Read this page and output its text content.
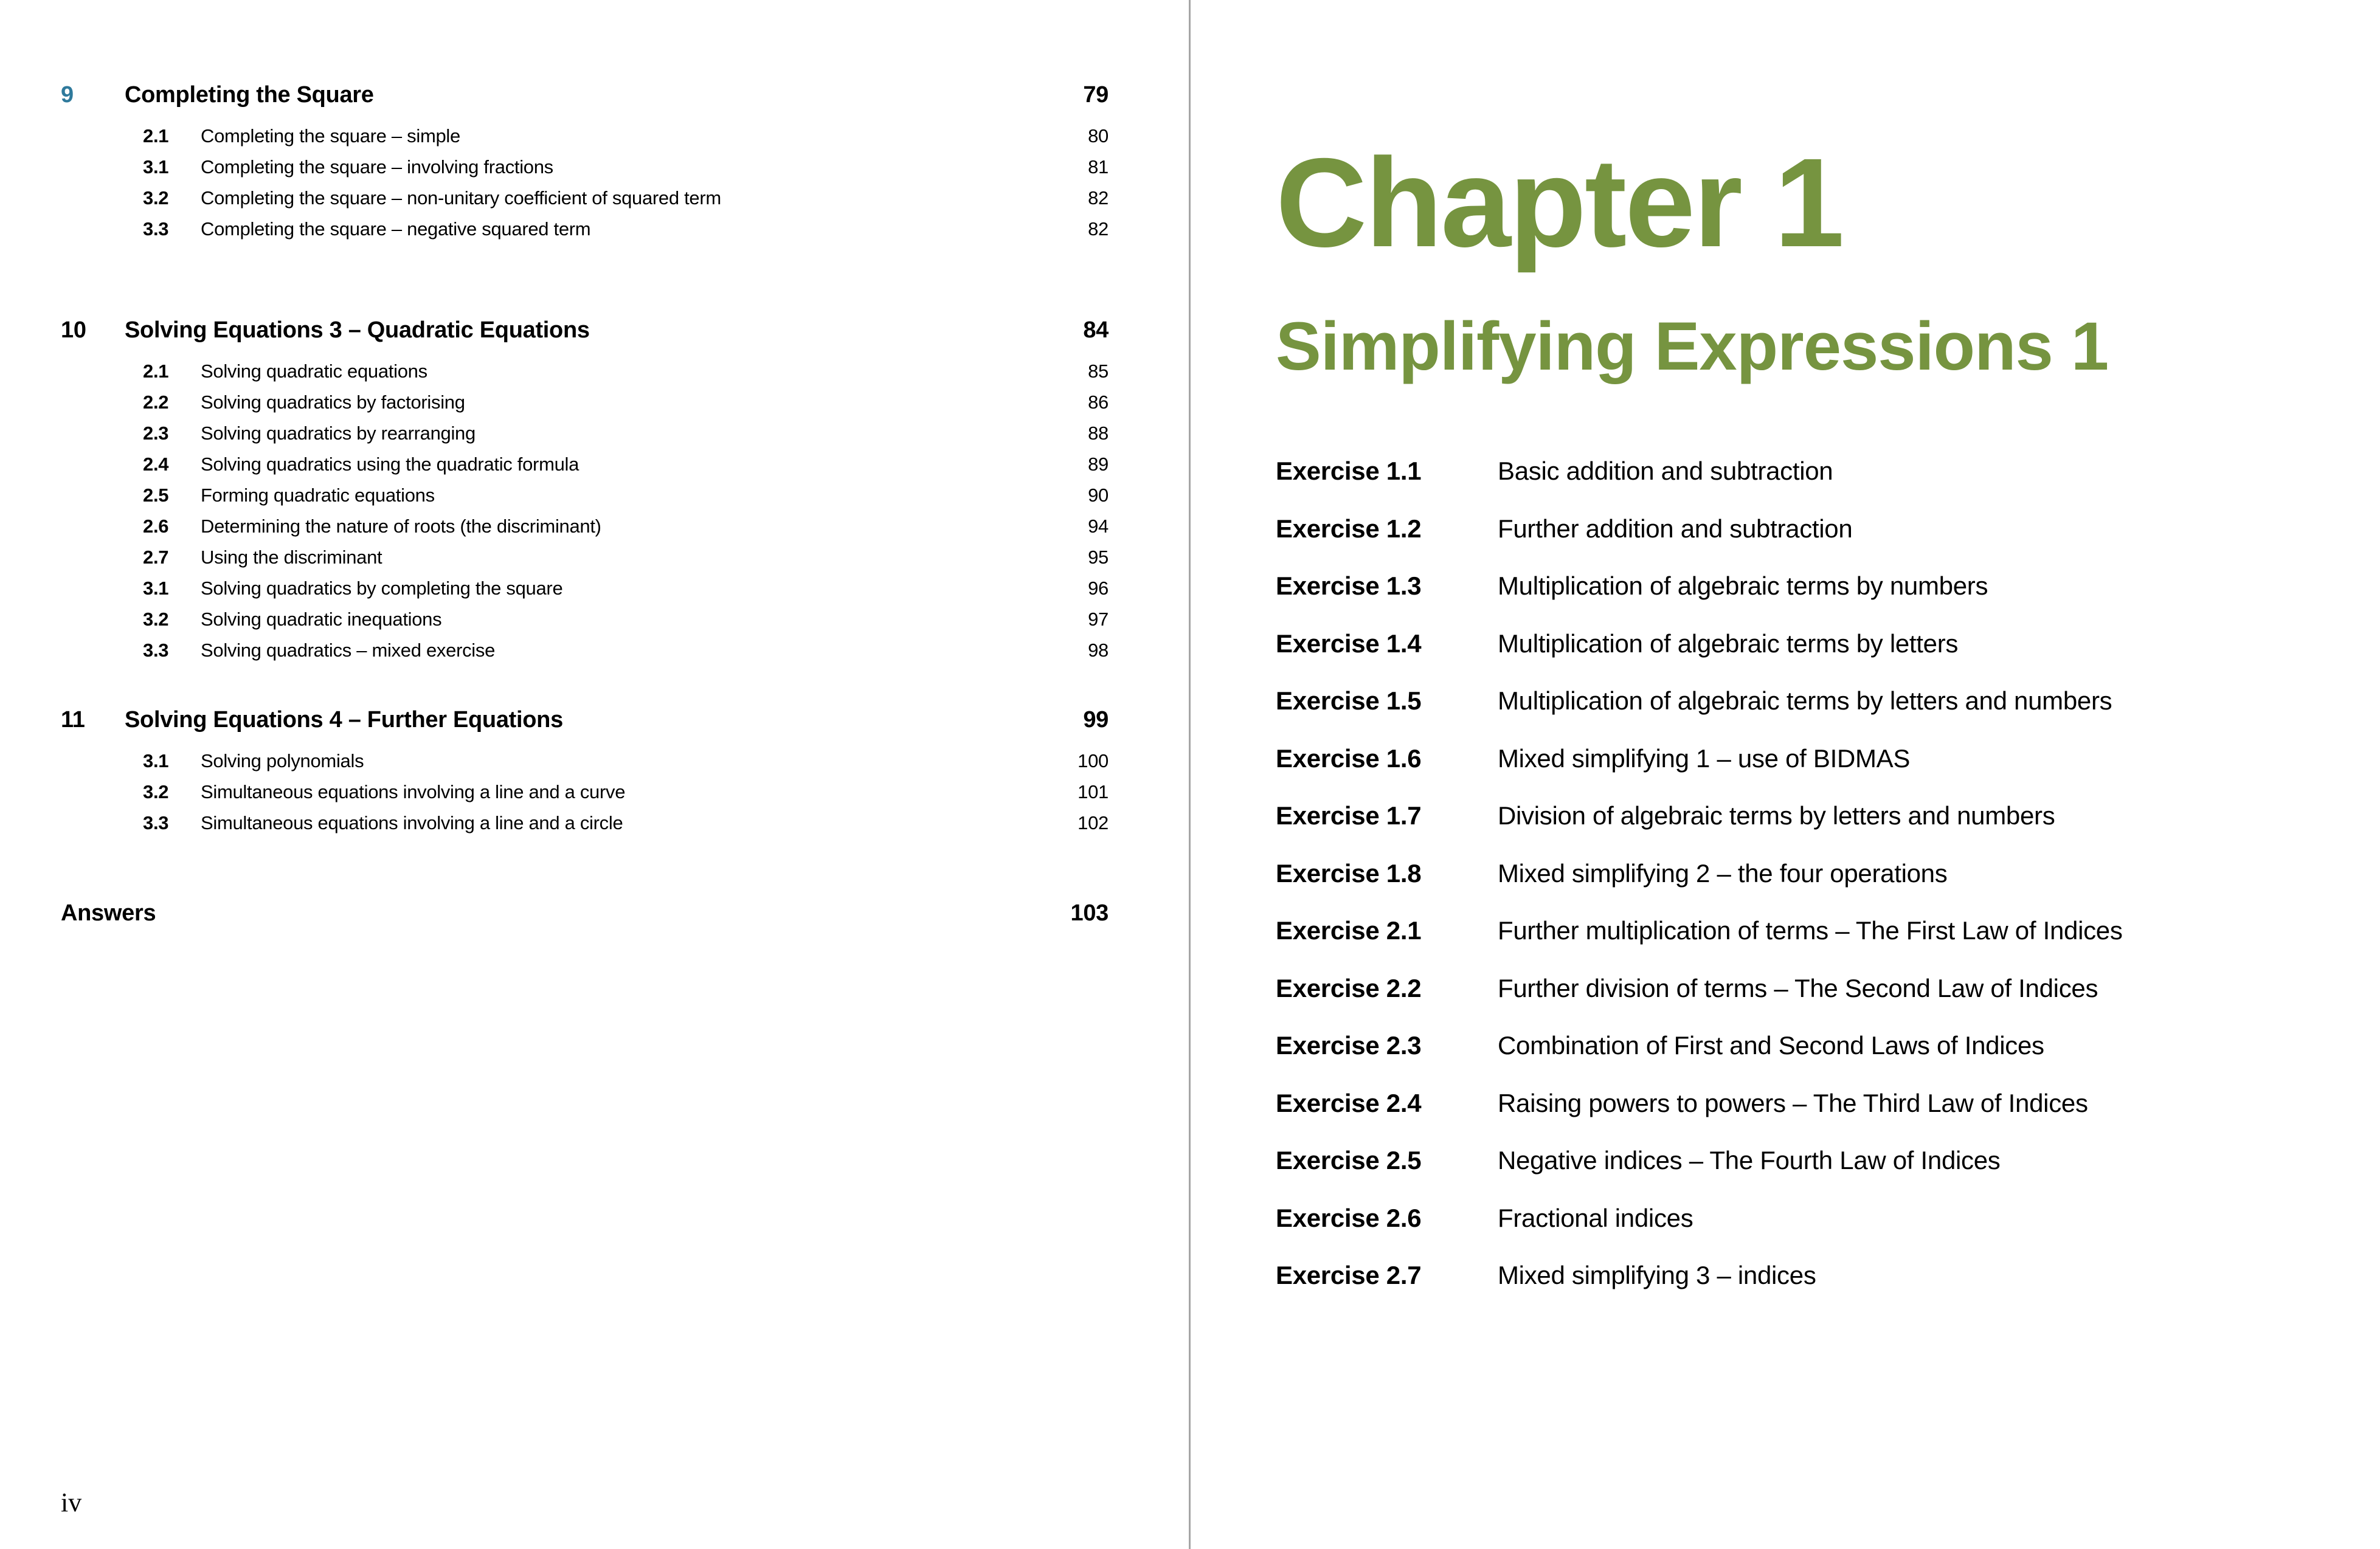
9	Completing the Square	79
2.1	Completing the square – simple	80
3.1	Completing the square – involving fractions	81
3.2	Completing the square – non-unitary coefficient of squared term	82
3.3	Completing the square – negative squared term	82
10	Solving Equations 3 – Quadratic Equations	84
2.1	Solving quadratic equations	85
2.2	Solving quadratics by factorising	86
2.3	Solving quadratics by rearranging	88
2.4	Solving quadratics using the quadratic formula	89
2.5	Forming quadratic equations	90
2.6	Determining the nature of roots (the discriminant)	94
2.7	Using the discriminant	95
3.1	Solving quadratics by completing the square	96
3.2	Solving quadratic inequations	97
3.3	Solving quadratics – mixed exercise	98
11	Solving Equations 4 – Further Equations	99
3.1	Solving polynomials	100
3.2	Simultaneous equations involving a line and a curve	101
3.3	Simultaneous equations involving a line and a circle	102
Answers	103
iv
Chapter 1
Simplifying Expressions 1
Exercise 1.1	Basic addition and subtraction
Exercise 1.2	Further addition and subtraction
Exercise 1.3	Multiplication of algebraic terms by numbers
Exercise 1.4	Multiplication of algebraic terms by letters
Exercise 1.5	Multiplication of algebraic terms by letters and numbers
Exercise 1.6	Mixed simplifying 1 – use of BIDMAS
Exercise 1.7	Division of algebraic terms by letters and numbers
Exercise 1.8	Mixed simplifying 2 – the four operations
Exercise 2.1	Further multiplication of terms – The First Law of Indices
Exercise 2.2	Further division of terms – The Second Law of Indices
Exercise 2.3	Combination of First and Second Laws of Indices
Exercise 2.4	Raising powers to powers – The Third Law of Indices
Exercise 2.5	Negative indices – The Fourth Law of Indices
Exercise 2.6	Fractional indices
Exercise 2.7	Mixed simplifying 3 – indices
